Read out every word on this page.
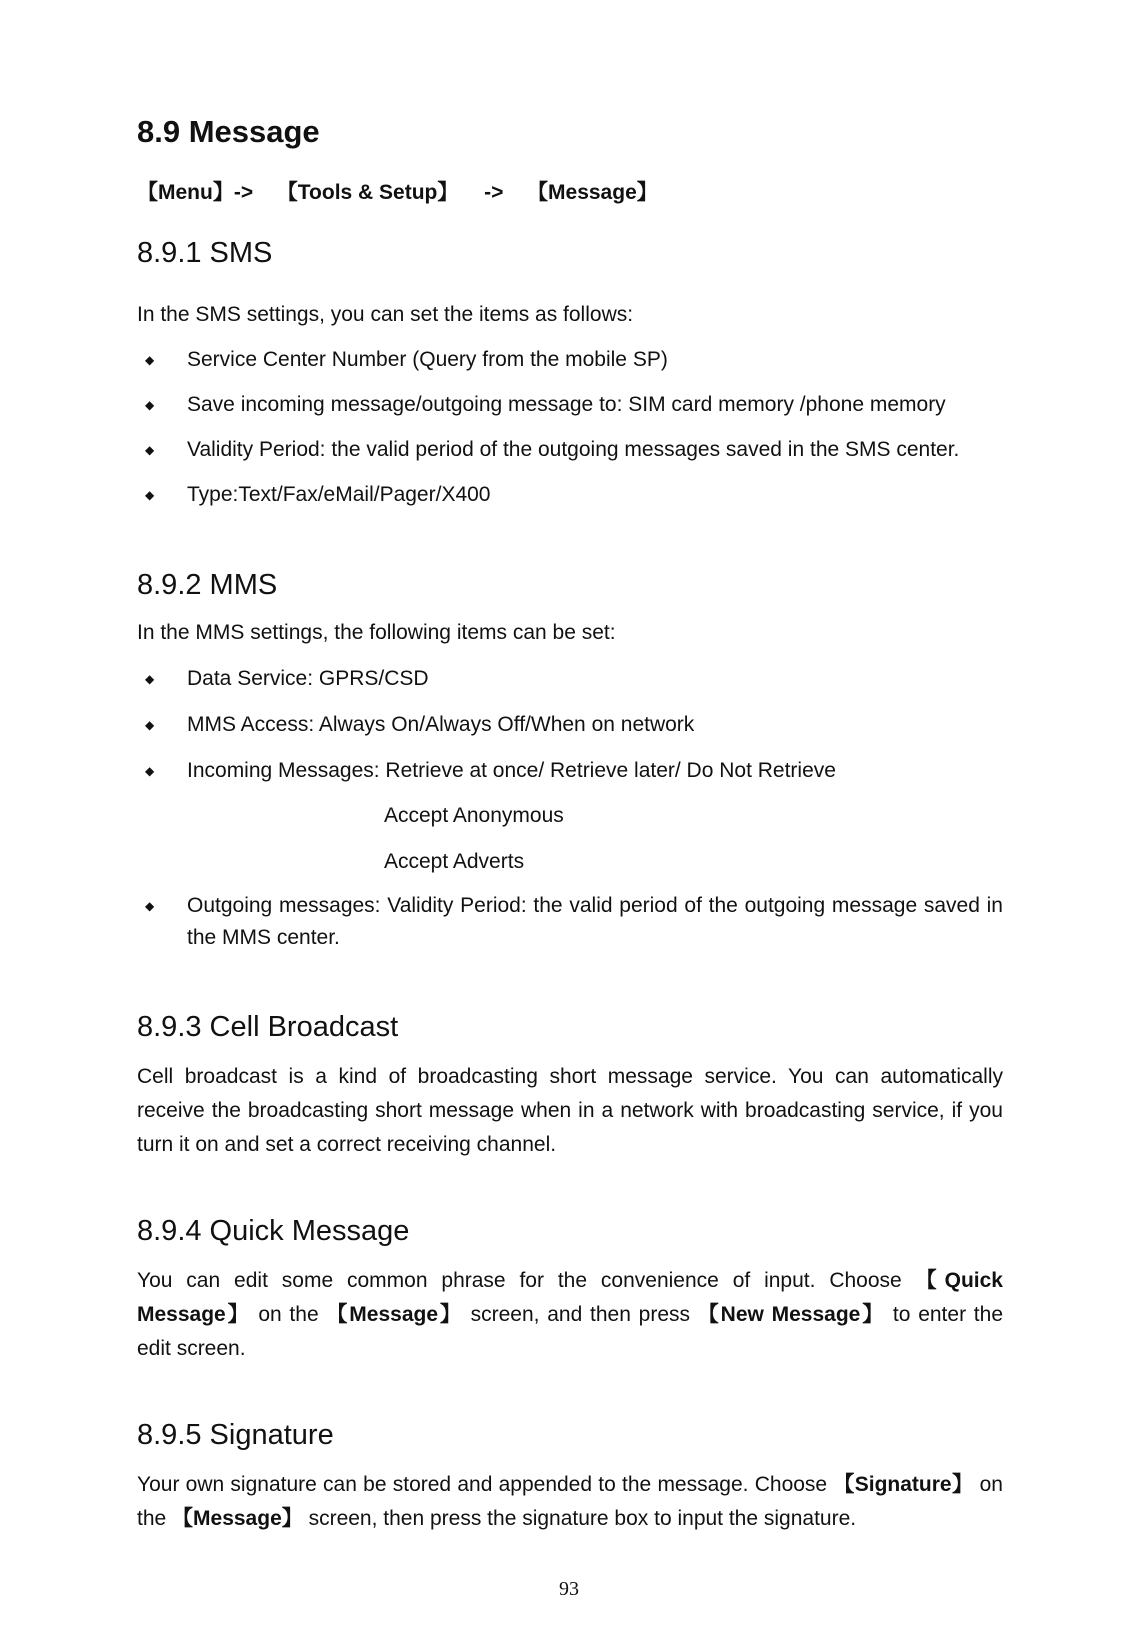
8.9 Message
【Menu】-> 【Tools & Setup】 -> 【Message】
8.9.1 SMS
In the SMS settings, you can set the items as follows:
◆ Service Center Number (Query from the mobile SP)
◆ Save incoming message/outgoing message to: SIM card memory /phone memory
◆ Validity Period: the valid period of the outgoing messages saved in the SMS center.
◆ Type:Text/Fax/eMail/Pager/X400
8.9.2 MMS
In the MMS settings, the following items can be set:
◆ Data Service: GPRS/CSD
◆ MMS Access: Always On/Always Off/When on network
◆ Incoming Messages: Retrieve at once/ Retrieve later/ Do Not Retrieve
Accept Anonymous
Accept Adverts
◆ Outgoing messages: Validity Period: the valid period of the outgoing message saved in the MMS center.
8.9.3 Cell Broadcast
Cell broadcast is a kind of broadcasting short message service. You can automatically receive the broadcasting short message when in a network with broadcasting service, if you turn it on and set a correct receiving channel.
8.9.4 Quick Message
You can edit some common phrase for the convenience of input. Choose 【Quick Message】 on the 【Message】 screen, and then press 【New Message】 to enter the edit screen.
8.9.5 Signature
Your own signature can be stored and appended to the message. Choose 【Signature】 on the 【Message】 screen, then press the signature box to input the signature.
93
